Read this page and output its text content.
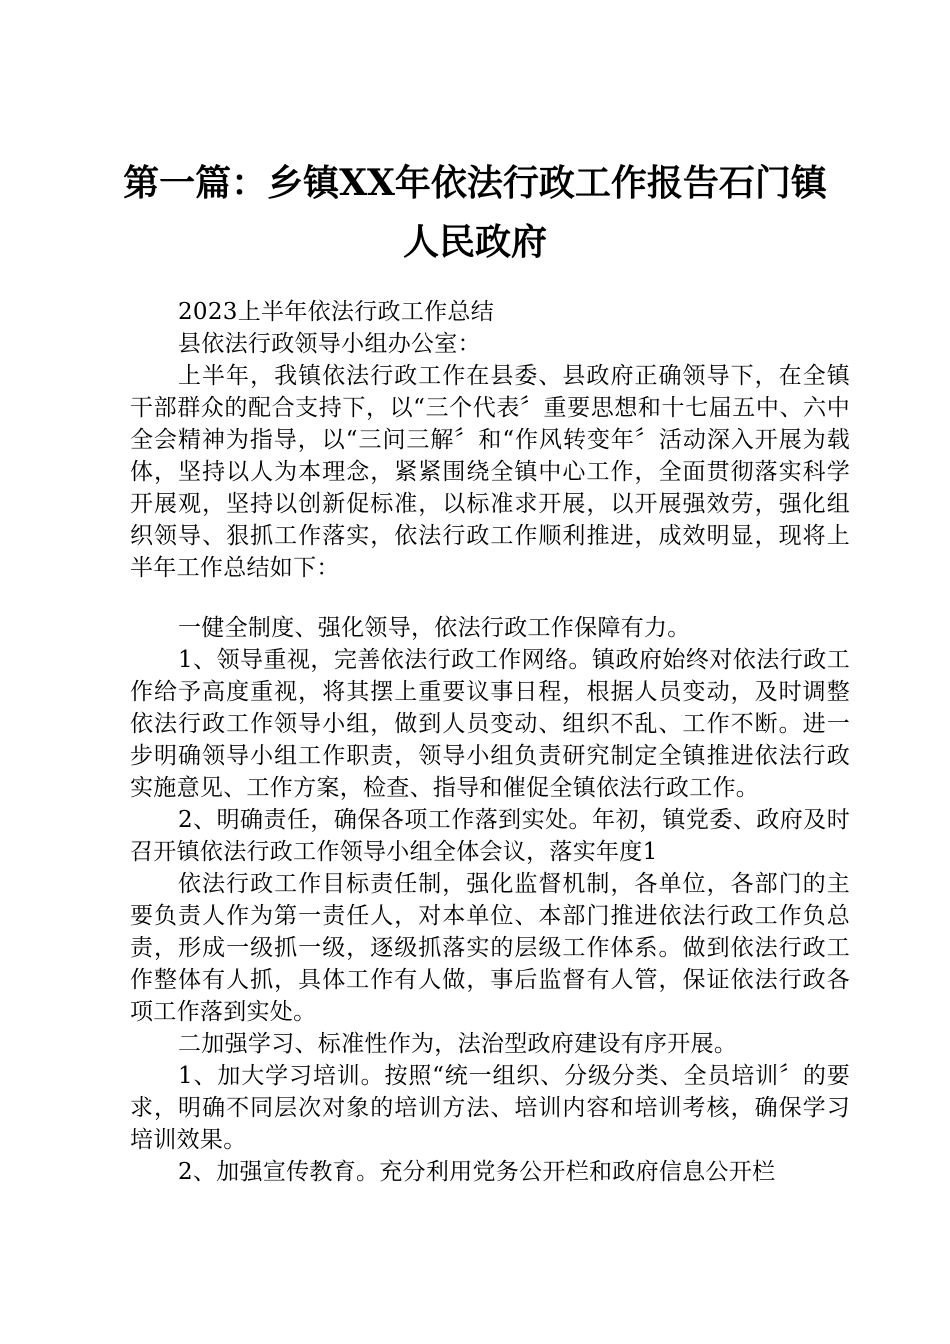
第一篇：乡镇XX年依法行政工作报告石门镇
人民政府

2023上半年依法行政工作总结

县依法行政领导小组办公室：

上半年，我镇依法行政工作在县委、县政府正确领导下，在全镇干部群众的配合支持下，以“三个代表〞重要思想和十七届五中、六中全会精神为指导，以“三问三解〞和“作风转变年〞活动深入开展为载体，坚持以人为本理念，紧紧围绕全镇中心工作，全面贯彻落实科学开展观，坚持以创新促标准，以标准求开展，以开展强效劳，强化组织领导、狠抓工作落实，依法行政工作顺利推进，成效明显，现将上半年工作总结如下：

一健全制度、强化领导，依法行政工作保障有力。

1、领导重视，完善依法行政工作网络。镇政府始终对依法行政工作给予高度重视，将其摆上重要议事日程，根据人员变动，及时调整依法行政工作领导小组，做到人员变动、组织不乱、工作不断。进一步明确领导小组工作职责，领导小组负责研究制定全镇推进依法行政实施意见、工作方案，检查、指导和催促全镇依法行政工作。

2、明确责任，确保各项工作落到实处。年初，镇党委、政府及时召开镇依法行政工作领导小组全体会议，落实年度1

依法行政工作目标责任制，强化监督机制，各单位，各部门的主要负责人作为第一责任人，对本单位、本部门推进依法行政工作负总责，形成一级抓一级，逐级抓落实的层级工作体系。做到依法行政工作整体有人抓，具体工作有人做，事后监督有人管，保证依法行政各项工作落到实处。

二加强学习、标准性作为，法治型政府建设有序开展。

1、加大学习培训。按照“统一组织、分级分类、全员培训〞的要求，明确不同层次对象的培训方法、培训内容和培训考核，确保学习培训效果。

2、加强宣传教育。充分利用党务公开栏和政府信息公开栏
